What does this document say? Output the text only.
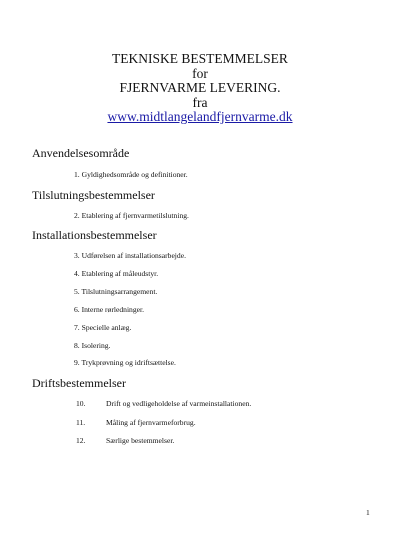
TEKNISKE BESTEMMELSER
for
FJERNVARME LEVERING.
fra
www.midtlangelandfjernvarme.dk
Anvendelsesområde
1. Gyldighedsområde og definitioner.
Tilslutningsbestemmelser
2. Etablering af fjernvarmetilslutning.
Installationsbestemmelser
3. Udførelsen af installationsarbejde.
4. Etablering af måleudstyr.
5. Tilslutningsarrangement.
6. Interne rørledninger.
7. Specielle anlæg.
8. Isolering.
9. Trykprøvning og idriftsættelse.
Driftsbestemmelser
10.	Drift og vedligeholdelse af varmeinstallationen.
11.	Måling af fjernvarmeforbrug.
12.	Særlige bestemmelser.
1
